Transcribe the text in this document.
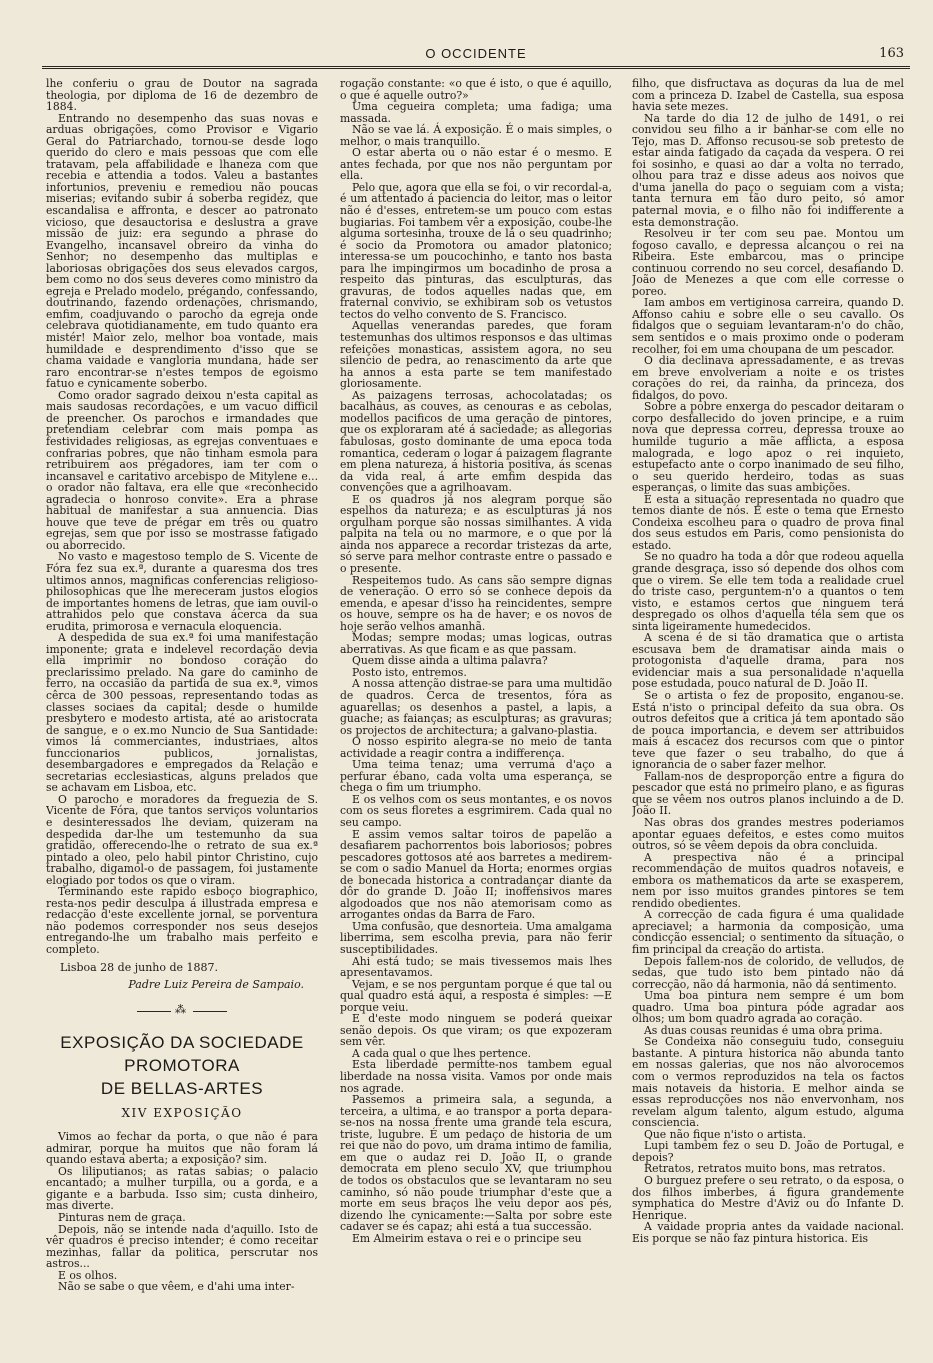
O OCCIDENTE	163

lhe conferiu o grau de Doutor na sagrada theologia, por diploma de 16 de dezembro de 1884.

Entrando no desempenho das suas novas e arduas obrigações, como Provisor e Vigario Geral do Patriarchado, tornou-se desde logo querido do clero e mais pessoas que com elle tratavam, pela affabilidade e lhaneza com que recebia e attendia a todos. Valeu a bastantes infortunios, preveniu e remediou não poucas miserias; evitando subir á soberba regidez, que escandalisa e affronta, e descer ao patronato vicioso, que desauctorisa e deslustra a grave missão de juiz: era segundo a phrase do Evangelho, incansavel obreiro da vinha do Senhor; no desempenho das multiplas e laboriosas obrigações dos seus elevados cargos, bem como no dos seus deveres como ministro da egreja e Prelado modelo, prégando, confessando, doutrinando, fazendo ordenações, chrismando, emfim, coadjuvando o parocho da egreja onde celebrava quotidianamente, em tudo quanto era mistér! Maior zelo, melhor boa vontade, mais humildade e desprendimento d'isso que se chama vaidade e vangloria mundana, hade ser raro encontrar-se n'estes tempos de egoismo fatuo e cynicamente soberbo.

Como orador sagrado deixou n'esta capital as mais saudosas recordações, e um vacuo difficil de preencher. Os parochos e irmandades que pretendiam celebrar com mais pompa as festividades religiosas, as egrejas conventuaes e confrarias pobres, que não tinham esmola para retribuirem aos prégadores, iam ter com o incansavel e caritativo arcebispo de Mitylene e... o orador não faltava, era elle que «reconhecido agradecia o honroso convite». Era a phrase habitual de manifestar a sua annuencia. Dias houve que teve de prégar em três ou quatro egrejas, sem que por isso se mostrasse fatigado ou aborrecido.

No vasto e magestoso templo de S. Vicente de Fóra fez sua ex.ª, durante a quaresma dos tres ultimos annos, magnificas conferencias religioso-philosophicas que lhe mereceram justos elogios de importantes homens de letras, que iam ouvil-o attrahidos pelo que constava ácerca da sua erudita, primorosa e vernacula eloquencia.

A despedida de sua ex.ª foi uma manifestação imponente; grata e indelevel recordação devia ella imprimir no bondoso coração do preclarissimo prelado. Na gare do caminho de ferro, na occasião da partida de sua ex.ª, vimos cêrca de 300 pessoas, representando todas as classes sociaes da capital; desde o humilde presbytero e modesto artista, até ao aristocrata de sangue, e o ex.mo Nuncio de Sua Santidade: vimos lá commerciantes, industriaes, altos funccionarios publicos, jornalistas, desembargadores e empregados da Relação e secretarias ecclesiasticas, alguns prelados que se achavam em Lisboa, etc.

O parocho e moradores da freguezia de S. Vicente de Fóra, que tantos serviços voluntarios e desinteressados lhe deviam, quizeram na despedida dar-lhe um testemunho da sua gratidão, offerecendo-lhe o retrato de sua ex.ª pintado a oleo, pelo habil pintor Christino, cujo trabalho, digamol-o de passagem, foi justamente elogiado por todos os que o viram.

Terminando este rapido esboço biographico, resta-nos pedir desculpa á illustrada empresa e redacção d'este excellente jornal, se porventura não podemos corresponder nos seus desejos entregando-lhe um trabalho mais perfeito e completo.

Lisboa 28 de junho de 1887.
Padre Luiz Pereira de Sampaio.
⁂
EXPOSIÇÃO DA SOCIEDADE PROMOTORA
DE BELLAS-ARTES
XIV EXPOSIÇÃO

Vimos ao fechar da porta, o que não é para admirar, porque ha muitos que não foram lá quando estava aberta; a exposição? sim.

Os liliputianos; as ratas sabias; o palacio encantado; a mulher turpilla, ou a gorda, e a gigante e a barbuda. Isso sim; custa dinheiro, mas diverte.

Pinturas nem de graça.

Depois, não se intende nada d'aquillo. Isto de vêr quadros é preciso intender; é como receitar mezinhas, fallar da politica, perscrutar nos astros...

E os olhos.

Não se sabe o que vêem, e d'ahi uma inter-

rogação constante: «o que é isto, o que é aquillo, o que é aquelle outro?»

Uma cegueira completa; uma fadiga; uma massada.

Não se vae lá. Á exposição. É o mais simples, o melhor, o mais tranquillo.

O estar aberta ou o não estar é o mesmo. E antes fechada, por que nos não perguntam por ella.

Pelo que, agora que ella se foi, o vir recordal-a, é um attentado á paciencia do leitor, mas o leitor não é d'esses, entretem-se um pouco com estas bugiarias. Foi tambem vêr a exposição, coube-lhe alguma sortesinha, trouxe de lá o seu quadrinho; é socio da Promotora ou amador platonico; interessa-se um poucochinho, e tanto nos basta para lhe impingirmos um bocadinho de prosa a respeito das pinturas, das esculpturas, das gravuras, de todos aquelles nadas que, em fraternal convivio, se exhibiram sob os vetustos tectos do velho convento de S. Francisco.

Aquellas venerandas paredes, que foram testemunhas dos ultimos responsos e das ultimas refeições monasticas, assistem agora, no seu silencio de pedra, ao renascimento da arte que ha annos a esta parte se tem manifestado gloriosamente.

As paizagens terrosas, achocolatadas; os bacalhaus, as couves, as cenouras e as cebolas, modellos pacificos de uma geração de pintores, que os exploraram até á saciedade; as allegorias fabulosas, gosto dominante de uma epoca toda romantica, cederam o logar á paizagem flagrante em plena natureza, á historia positiva, ás scenas da vida real, á arte emfim despida das convenções que a agrilhoavam.

E os quadros já nos alegram porque são espelhos da natureza; e as esculpturas já nos orgulham porque são nossas similhantes. A vida palpita na tela ou no marmore, e o que por lá ainda nos apparece a recordar tristezas da arte, só serve para melhor contraste entre o passado e o presente.

Respeitemos tudo. As cans são sempre dignas de veneração. O erro só se conhece depois da emenda, e apesar d'isso ha reincidentes, sempre os houve, sempre os ha de haver; e os novos de hoje serão velhos amanhã.

Modas; sempre modas; umas logicas, outras aberrativas. As que ficam e as que passam.

Quem disse ainda a ultima palavra?

Posto isto, entremos.

A nossa attenção distrae-se para uma multidão de quadros. Cerca de tresentos, fóra as aguarellas; os desenhos a pastel, a lapis, a guache; as faianças; as esculpturas; as gravuras; os projectos de architectura; a galvano-plastia.

O nosso espirito alegra-se no meio de tanta actividade a reagir contra a indifferença.

Uma teima tenaz; uma verruma d'aço a perfurar ébano, cada volta uma esperança, se chega o fim um triumpho.

E os velhos com os seus montantes, e os novos com os seus floretes a esgrimirem. Cada qual no seu campo.

E assim vemos saltar toiros de papelão a desafiarem pachorrentos bois laboriosos; pobres pescadores gottosos até aos barretes a medirem-se com o sadio Manuel da Horta; enormes orgias de bonecada historica a contradançar diante da dôr do grande D. João II; inoffensivos mares algodoados que nos não atemorisam como as arrogantes ondas da Barra de Faro.

Uma confusão, que desnorteia. Uma amalgama liberrima, sem escolha previa, para não ferir susceptibilidades.

Ahi está tudo; se mais tivessemos mais lhes apresentavamos.

Vejam, e se nos perguntam porque é que tal ou qual quadro está aqui, a resposta é simples: —E porque veiu.

E d'este modo ninguem se poderá queixar senão depois. Os que viram; os que expozeram sem vêr.

A cada qual o que lhes pertence.

Esta liberdade permitte-nos tambem egual liberdade na nossa visita. Vamos por onde mais nos agrade.

Passemos a primeira sala, a segunda, a terceira, a ultima, e ao transpor a porta depara-se-nos na nossa frente uma grande tela escura, triste, lugubre. É um pedaço de historia de um rei que não do povo, um drama intimo de familia, em que o audaz rei D. João II, o grande democrata em pleno seculo XV, que triumphou de todos os obstaculos que se levantaram no seu caminho, só não poude triumphar d'este que a morte em seus braços lhe veiu depor aos pés, dizendo lhe cynicamente:—Salta por sobre este cadaver se és capaz; ahi está a tua successão.

Em Almeirim estava o rei e o principe seu

filho, que disfructava as doçuras da lua de mel com a princeza D. Izabel de Castella, sua esposa havia sete mezes.

Na tarde do dia 12 de julho de 1491, o rei convidou seu filho a ir banhar-se com elle no Tejo, mas D. Affonso recusou-se sob pretesto de estar ainda fatigado da caçada da vespera. O rei foi sosinho, e quasi ao dar a volta no terrado, olhou para traz e disse adeus aos noivos que d'uma janella do paço o seguiam com a vista; tanta ternura em tão duro peito, só amor paternal movia, e o filho não foi indifferente a esta demonstração.

Resolveu ir ter com seu pae. Montou um fogoso cavallo, e depressa alcançou o rei na Ribeira. Este embarcou, mas o principe continuou correndo no seu corcel, desafiando D. João de Menezes a que com elle corresse o poreo.

Iam ambos em vertiginosa carreira, quando D. Affonso cahiu e sobre elle o seu cavallo. Os fidalgos que o seguiam levantaram-n'o do chão, sem sentidos e o mais proximo onde o poderam recolher, foi em uma choupana de um pescador.

O dia declinava apressadamente, e as trevas em breve envolveriam a noite e os tristes corações do rei, da rainha, da princeza, dos fidalgos, do povo.

Sobre a pobre enxerga do pescador deitaram o corpo desfallecido do joven principe, e a ruim nova que depressa correu, depressa trouxe ao humilde tugurio a mãe afflicta, a esposa malograda, e logo apoz o rei inquieto, estupefacto ante o corpo inanimado de seu filho, o seu querido herdeiro, todas as suas esperanças, o limite das suas ambições.

É esta a situação representada no quadro que temos diante de nós. E este o tema que Ernesto Condeixa escolheu para o quadro de prova final dos seus estudos em Paris, como pensionista do estado.

Se no quadro ha toda a dôr que rodeou aquella grande desgraça, isso só depende dos olhos com que o virem. Se elle tem toda a realidade cruel do triste caso, perguntem-n'o a quantos o tem visto, e estamos certos que ninguem terá despregado os olhos d'aquella téla sem que os sinta ligeiramente humedecidos.

A scena é de si tão dramatica que o artista escusava bem de dramatisar ainda mais o protogonista d'aquelle drama, para nos evidenciar mais a sua personalidade n'aquella pose estudada, pouco natural de D. João II.

Se o artista o fez de proposito, enganou-se. Está n'isto o principal defeito da sua obra. Os outros defeitos que a critica já tem apontado são de pouca importancia, e devem ser attribuidos mais á escacez dos recursos com que o pintor teve que fazer o seu trabalho, do que á ignorancia de o saber fazer melhor.

Fallam-nos de desproporção entre a figura do pescador que está no primeiro plano, e as figuras que se vêem nos outros planos incluindo a de D. João II.

Nas obras dos grandes mestres poderiamos apontar eguaes defeitos, e estes como muitos outros, só se vêem depois da obra concluida.

A prespectiva não é a principal recommendação de muitos quadros notaveis, e embora os mathematicos da arte se exasperem, nem por isso muitos grandes pintores se tem rendido obedientes.

A correcção de cada figura é uma qualidade apreciavel; a harmonia da composição, uma condicção essencial; o sentimento da situação, o fim principal da creação do artista.

Depois fallem-nos de colorido, de velludos, de sedas, que tudo isto bem pintado não dá correcção, não dá harmonia, não dá sentimento.

Uma boa pintura nem sempre é um bom quadro. Uma boa pintura póde agradar aos olhos; um bom quadro agrada ao coração.

As duas cousas reunidas é uma obra prima.

Se Condeixa não conseguiu tudo, conseguiu bastante. A pintura historica não abunda tanto em nossas galerias, que nos não alvorocemos com o vermos reproduzidos na tela os factos mais notaveis da historia. E melhor ainda se essas reproducções nos não envervonham, nos revelam algum talento, algum estudo, alguma consciencia.

Que não fique n'isto o artista.

Lupi tambem fez o seu D. João de Portugal, e depois?

Retratos, retratos muito bons, mas retratos.

O burguez prefere o seu retrato, o da esposa, o dos filhos imberbes, á figura grandemente symphatica do Mestre d'Aviz ou do Infante D. Henrique.

A vaidade propria antes da vaidade nacional. Eis porque se não faz pintura historica. Eis
